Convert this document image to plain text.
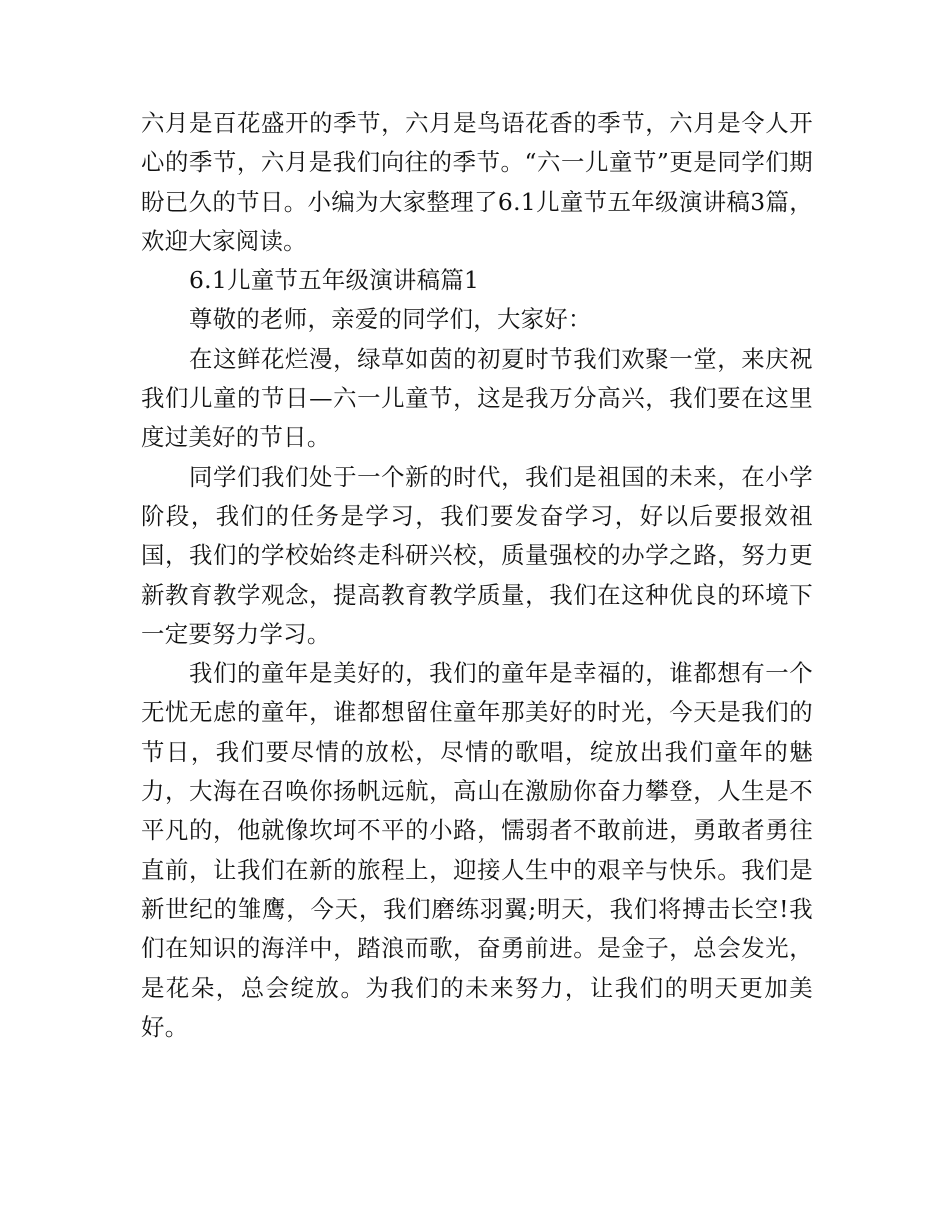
六月是百花盛开的季节，六月是鸟语花香的季节，六月是令人开心的季节，六月是我们向往的季节。“六一儿童节”更是同学们期盼已久的节日。小编为大家整理了6.1儿童节五年级演讲稿3篇，欢迎大家阅读。

6.1儿童节五年级演讲稿篇1

尊敬的老师，亲爱的同学们，大家好：

在这鲜花烂漫，绿草如茵的初夏时节我们欢聚一堂，来庆祝我们儿童的节日—六一儿童节，这是我万分高兴，我们要在这里度过美好的节日。

同学们我们处于一个新的时代，我们是祖国的未来，在小学阶段，我们的任务是学习，我们要发奋学习，好以后要报效祖国，我们的学校始终走科研兴校，质量强校的办学之路，努力更新教育教学观念，提高教育教学质量，我们在这种优良的环境下一定要努力学习。

我们的童年是美好的，我们的童年是幸福的，谁都想有一个无忧无虑的童年，谁都想留住童年那美好的时光，今天是我们的节日，我们要尽情的放松，尽情的歌唱，绽放出我们童年的魅力，大海在召唤你扬帆远航，高山在激励你奋力攀登，人生是不平凡的，他就像坎坷不平的小路，懦弱者不敢前进，勇敢者勇往直前，让我们在新的旅程上，迎接人生中的艰辛与快乐。我们是新世纪的雏鹰，今天，我们磨练羽翼;明天，我们将搏击长空!我们在知识的海洋中，踏浪而歌，奋勇前进。是金子，总会发光，是花朵，总会绽放。为我们的未来努力，让我们的明天更加美好。
